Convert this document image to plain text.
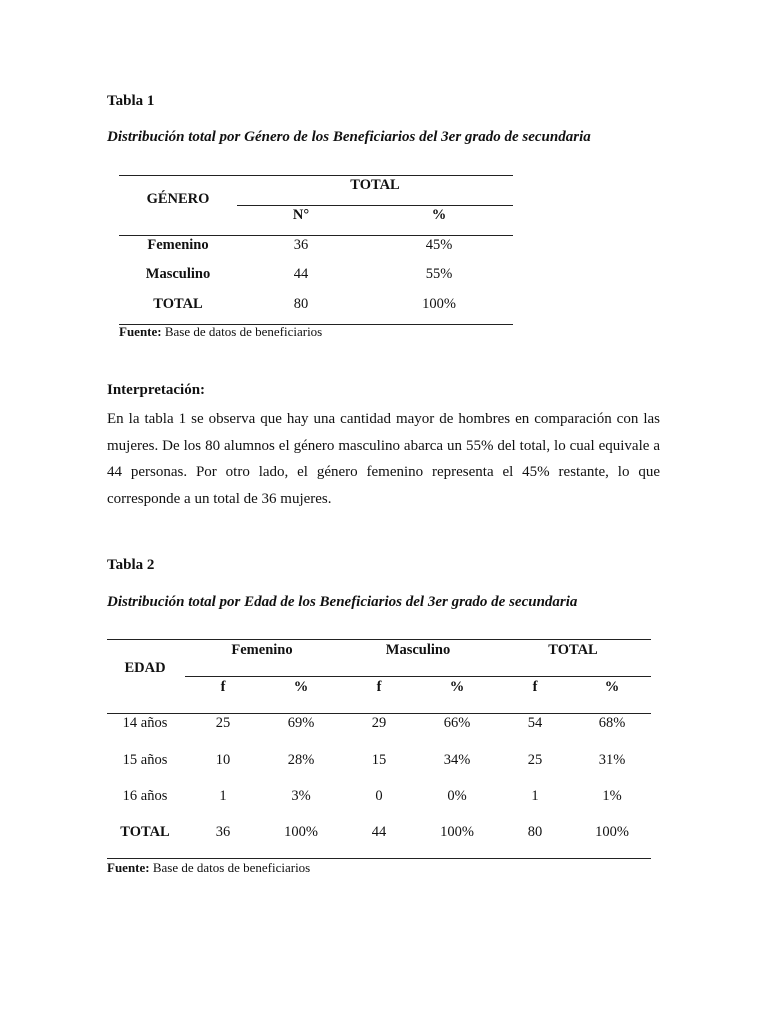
Tabla 1
Distribución total por Género de los Beneficiarios del 3er grado de secundaria
GÉNERO
TOTAL
N°	%
Femenino	36	45%
Masculino	44	55%
TOTAL	80	100%
Fuente: Base de datos de beneficiarios
Interpretación:
En la tabla 1 se observa que hay una cantidad mayor de hombres en comparación con las mujeres. De los 80 alumnos el género masculino abarca un 55% del total, lo cual equivale a 44 personas. Por otro lado, el género femenino representa el 45% restante, lo que corresponde a un total de 36 mujeres.
Tabla 2
Distribución total por Edad de los Beneficiarios del 3er grado de secundaria
EDAD
Femenino	Masculino	TOTAL
f	%	f	%	f	%
14 años	25	69%	29	66%	54	68%
15 años	10	28%	15	34%	25	31%
16 años	1	3%	0	0%	1	1%
TOTAL	36	100%	44	100%	80	100%
Fuente: Base de datos de beneficiarios
